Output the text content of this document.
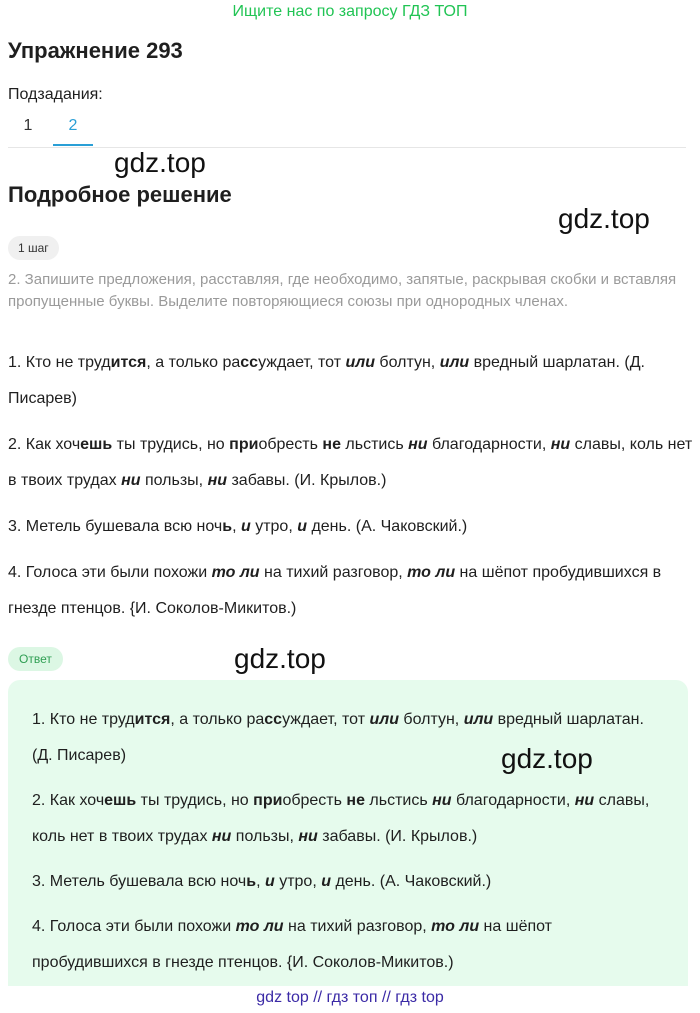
Ищите нас по запросу ГДЗ ТОП
Упражнение 293
Подзадания:
1	2
gdz.top
gdz.top
gdz.top
Подробное решение
1 шаг
2. Запишите предложения, расставляя, где необходимо, запятые, раскрывая скобки и вставляя пропущенные буквы. Выделите повторяющиеся союзы при однородных членах.

1. Кто не трудится, а только рассуждает, тот или болтун, или вредный шарлатан. (Д. Писарев)

2. Как хочешь ты трудись, но приобресть не льстись ни благодарности, ни славы, коль нет в твоих трудах ни пользы, ни забавы. (И. Крылов.)

3. Метель бушевала всю ночь, и утро, и день. (А. Чаковский.)

4. Голоса эти были похожи то ли на тихий разговор, то ли на шёпот пробудившихся в гнезде птенцов. {И. Соколов-Микитов.)

Ответ

1. Кто не трудится, а только рассуждает, тот или болтун, или вредный шарлатан. (Д. Писарев)

2. Как хочешь ты трудись, но приобресть не льстись ни благодарности, ни славы, коль нет в твоих трудах ни пользы, ни забавы. (И. Крылов.)

3. Метель бушевала всю ночь, и утро, и день. (А. Чаковский.)

4. Голоса эти были похожи то ли на тихий разговор, то ли на шёпот пробудившихся в гнезде птенцов. {И. Соколов-Микитов.)

gdz.top
gdz top // гдз топ // гдз top
